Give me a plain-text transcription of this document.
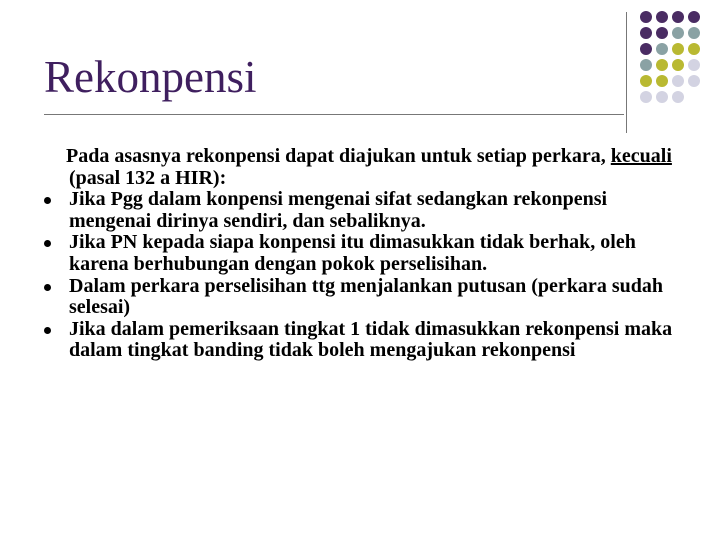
Rekonpensi
Pada asasnya rekonpensi dapat diajukan untuk setiap perkara, kecuali (pasal 132 a HIR):
Jika Pgg dalam konpensi mengenai sifat sedangkan rekonpensi mengenai dirinya sendiri, dan sebaliknya.
Jika PN kepada siapa konpensi itu dimasukkan tidak berhak, oleh karena berhubungan dengan pokok perselisihan.
Dalam perkara perselisihan ttg menjalankan putusan (perkara sudah selesai)
Jika dalam pemeriksaan tingkat 1 tidak dimasukkan rekonpensi maka dalam tingkat banding tidak boleh mengajukan rekonpensi
